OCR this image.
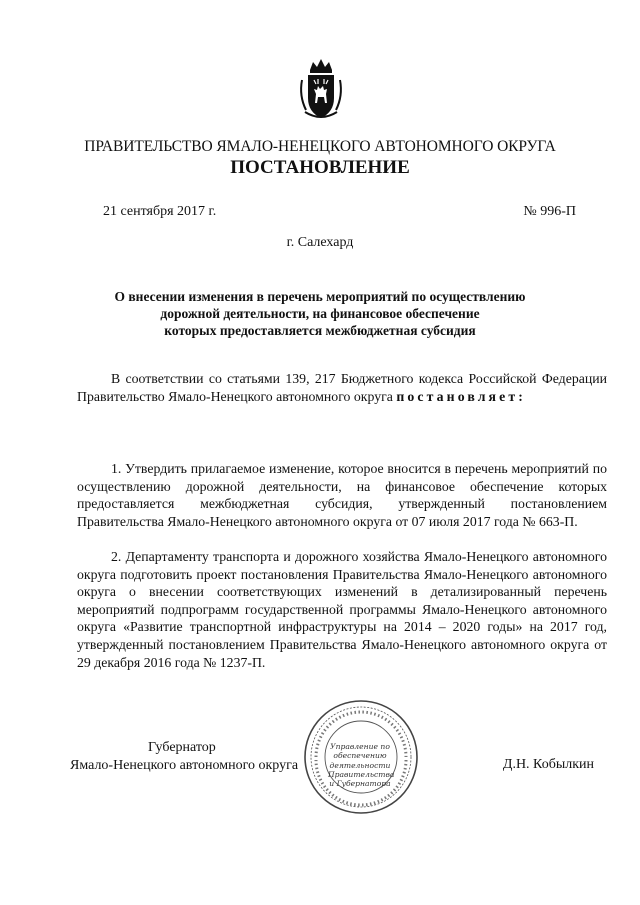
ПРАВИТЕЛЬСТВО ЯМАЛО-НЕНЕЦКОГО АВТОНОМНОГО ОКРУГА
ПОСТАНОВЛЕНИЕ
21 сентября 2017 г.	№ 996-П
г. Салехард
О внесении изменения в перечень мероприятий по осуществлению
дорожной деятельности, на финансовое обеспечение
которых предоставляется межбюджетная субсидия
В соответствии со статьями 139, 217 Бюджетного кодекса Российской Федерации Правительство Ямало-Ненецкого автономного округа постановляет:
1. Утвердить прилагаемое изменение, которое вносится в перечень мероприятий по осуществлению дорожной деятельности, на финансовое обеспечение которых предоставляется межбюджетная субсидия, утвержденный постановлением Правительства Ямало-Ненецкого автономного округа от 07 июля 2017 года № 663-П.
2. Департаменту транспорта и дорожного хозяйства Ямало-Ненецкого автономного округа подготовить проект постановления Правительства Ямало-Ненецкого автономного округа о внесении соответствующих изменений в детализированный перечень мероприятий подпрограмм государственной программы Ямало-Ненецкого автономного округа «Развитие транспортной инфраструктуры на 2014 – 2020 годы» на 2017 год, утвержденный постановлением Правительства Ямало-Ненецкого автономного округа от 29 декабря 2016 года № 1237-П.
Губернатор
Ямало-Ненецкого автономного округа
Управление по
обеспечению
деятельности
Правительства
и Губернатора
Д.Н. Кобылкин
